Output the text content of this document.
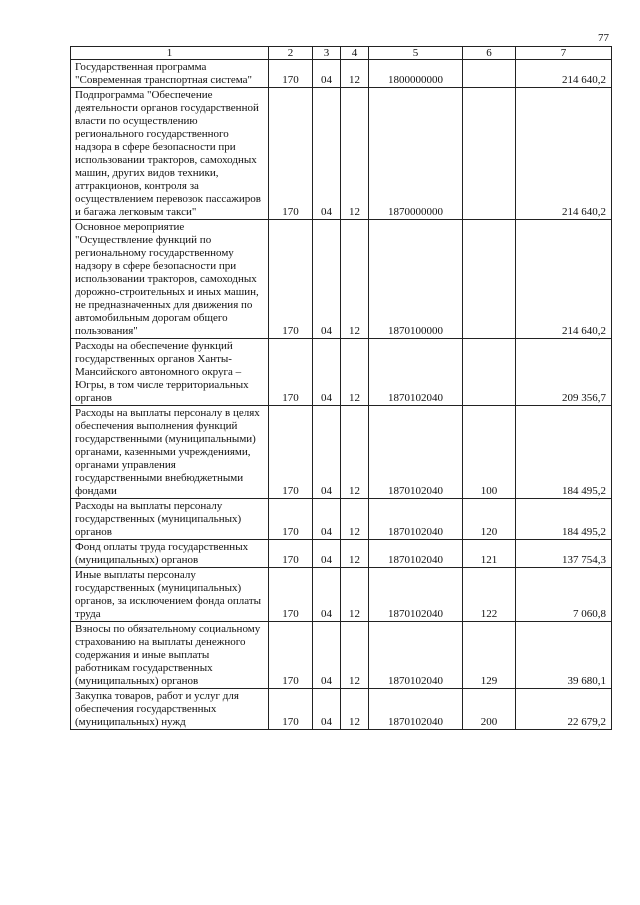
77
1	2	3	4	5	6	7
Государственная программа "Современная транспортная система"	170	04	12	1800000000		214 640,2
Подпрограмма "Обеспечение деятельности органов государственной власти по осуществлению регионального государственного надзора в сфере безопасности при использовании тракторов, самоходных машин, других видов техники, аттракционов, контроля за осуществлением перевозок пассажиров и багажа легковым такси"	170	04	12	1870000000		214 640,2
Основное мероприятие "Осуществление функций по региональному государственному надзору в сфере безопасности при использовании тракторов, самоходных дорожно-строительных и иных машин, не предназначенных для движения по автомобильным дорогам общего пользования"	170	04	12	1870100000		214 640,2
Расходы на обеспечение функций государственных органов Ханты-Мансийского автономного округа – Югры, в том числе территориальных органов	170	04	12	1870102040		209 356,7
Расходы на выплаты персоналу в целях обеспечения выполнения функций государственными (муниципальными) органами, казенными учреждениями, органами управления государственными внебюджетными фондами	170	04	12	1870102040	100	184 495,2
Расходы на выплаты персоналу государственных (муниципальных) органов	170	04	12	1870102040	120	184 495,2
Фонд оплаты труда государственных (муниципальных) органов	170	04	12	1870102040	121	137 754,3
Иные выплаты персоналу государственных (муниципальных) органов, за исключением фонда оплаты труда	170	04	12	1870102040	122	7 060,8
Взносы по обязательному социальному страхованию на выплаты денежного содержания и иные выплаты работникам государственных (муниципальных) органов	170	04	12	1870102040	129	39 680,1
Закупка товаров, работ и услуг для обеспечения государственных (муниципальных) нужд	170	04	12	1870102040	200	22 679,2
